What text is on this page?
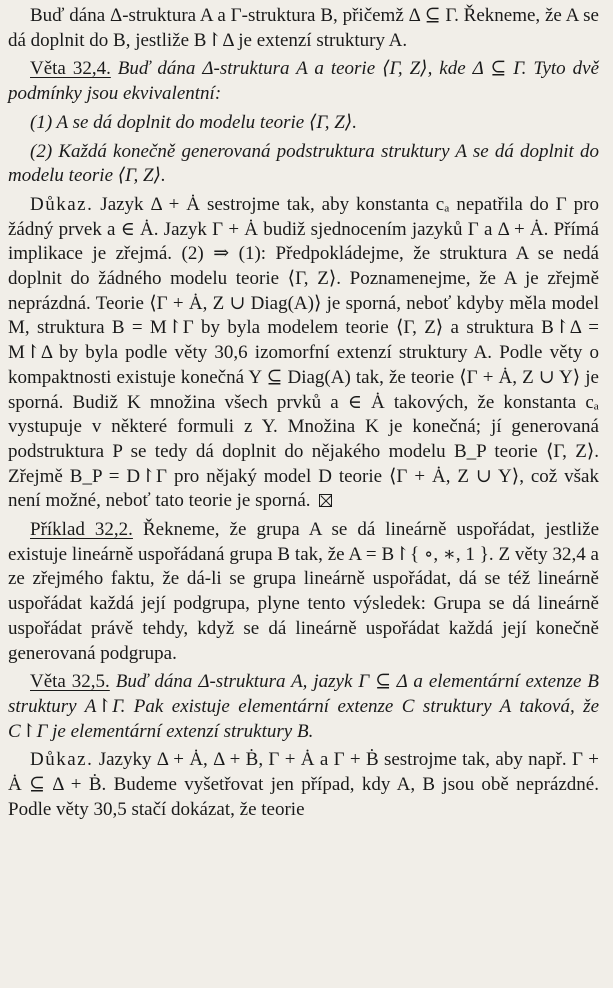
Buď dána Δ-struktura A a Γ-struktura B, přičemž Δ ⊆ Γ. Řekneme, že A se dá doplnit do B, jestliže B↾Δ je extenzí struktury A.

Věta 32,4. Buď dána Δ-struktura A a teorie ⟨Γ, Z⟩, kde Δ ⊆ Γ. Tyto dvě podmínky jsou ekvivalentní:

(1) A se dá doplnit do modelu teorie ⟨Γ, Z⟩.

(2) Každá konečně generovaná podstruktura struktury A se dá doplnit do modelu teorie ⟨Γ, Z⟩.

Důkaz. Jazyk Δ + Ȧ sestrojme tak, aby konstanta cₐ nepatřila do Γ pro žádný prvek a ∈ Ȧ. Jazyk Γ + Ȧ budiž sjednocením jazyků Γ a Δ + Ȧ. Přímá implikace je zřejmá. (2) ⇒ (1): Předpokládejme, že struktura A se nedá doplnit do žádného modelu teorie ⟨Γ, Z⟩. Poznamenejme, že A je zřejmě neprázdná. Teorie ⟨Γ + Ȧ, Z ∪ Diag(A)⟩ je sporná, neboť kdyby měla model M, struktura B = M↾Γ by byla modelem teorie ⟨Γ, Z⟩ a struktura B↾Δ = M↾Δ by byla podle věty 30,6 izomorfní extenzí struktury A. Podle věty o kompaktnosti existuje konečná Y ⊆ Diag(A) tak, že teorie ⟨Γ + Ȧ, Z ∪ Y⟩ je sporná. Budiž K množina všech prvků a ∈ Ȧ takových, že konstanta cₐ vystupuje v některé formuli z Y. Množina K je konečná; jí generovaná podstruktura P se tedy dá doplnit do nějakého modelu B_P teorie ⟨Γ, Z⟩. Zřejmě B_P = D↾Γ pro nějaký model D teorie ⟨Γ + Ȧ, Z ∪ Y⟩, což však není možné, neboť tato teorie je sporná.

Příklad 32,2. Řekneme, že grupa A se dá lineárně uspořádat, jestliže existuje lineárně uspořádaná grupa B tak, že A = B↾{ ∘, ∗, 1 }. Z věty 32,4 a ze zřejmého faktu, že dá-li se grupa lineárně uspořádat, dá se též lineárně uspořádat každá její podgrupa, plyne tento výsledek: Grupa se dá lineárně uspořádat právě tehdy, když se dá lineárně uspořádat každá její konečně generovaná podgrupa.

Věta 32,5. Buď dána Δ-struktura A, jazyk Γ ⊆ Δ a elementární extenze B struktury A↾Γ. Pak existuje elementární extenze C struktury A taková, že C↾Γ je elementární extenzí struktury B.

Důkaz. Jazyky Δ + Ȧ, Δ + Ḃ, Γ + Ȧ a Γ + Ḃ sestrojme tak, aby např. Γ + Ȧ ⊆ Δ + Ḃ. Budeme vyšetřovat jen případ, kdy A, B jsou obě neprázdné. Podle věty 30,5 stačí dokázat, že teorie
